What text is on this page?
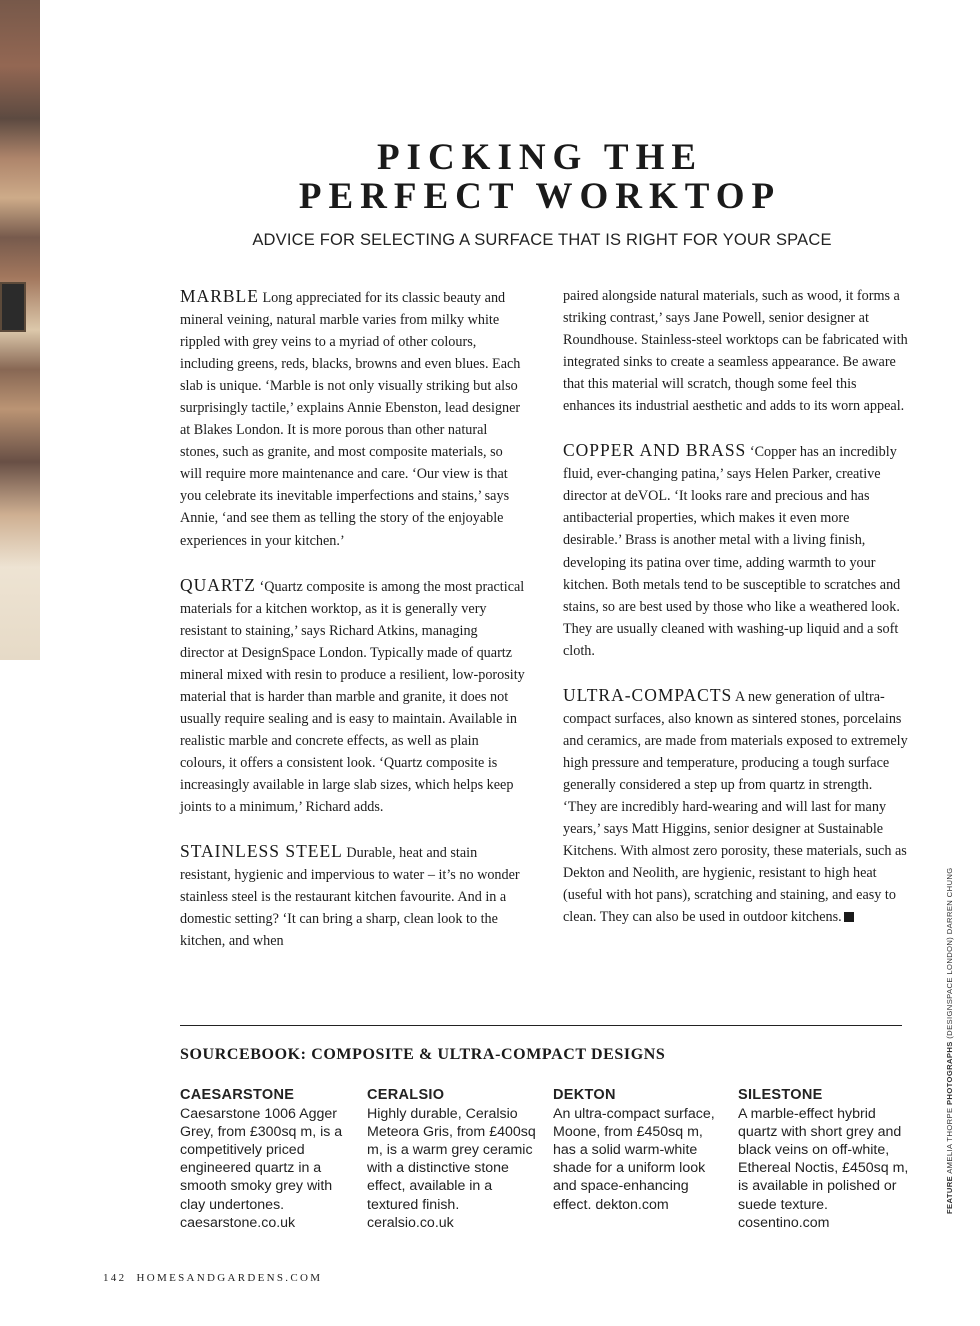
PICKING THE
PERFECT WORKTOP
ADVICE FOR SELECTING A SURFACE THAT IS RIGHT FOR YOUR SPACE

MARBLE Long appreciated for its classic beauty and mineral veining, natural marble varies from milky white rippled with grey veins to a myriad of other colours, including greens, reds, blacks, browns and even blues. Each slab is unique. ‘Marble is not only visually striking but also surprisingly tactile,’ explains Annie Ebenston, lead designer at Blakes London. It is more porous than other natural stones, such as granite, and most composite materials, so will require more maintenance and care. ‘Our view is that you celebrate its inevitable imperfections and stains,’ says Annie, ‘and see them as telling the story of the enjoyable experiences in your kitchen.’

QUARTZ ‘Quartz composite is among the most practical materials for a kitchen worktop, as it is generally very resistant to staining,’ says Richard Atkins, managing director at DesignSpace London. Typically made of quartz mineral mixed with resin to produce a resilient, low-porosity material that is harder than marble and granite, it does not usually require sealing and is easy to maintain. Available in realistic marble and concrete effects, as well as plain colours, it offers a consistent look. ‘Quartz composite is increasingly available in large slab sizes, which helps keep joints to a minimum,’ Richard adds.

STAINLESS STEEL Durable, heat and stain resistant, hygienic and impervious to water – it’s no wonder stainless steel is the restaurant kitchen favourite. And in a domestic setting? ‘It can bring a sharp, clean look to the kitchen, and when

paired alongside natural materials, such as wood, it forms a striking contrast,’ says Jane Powell, senior designer at Roundhouse. Stainless-steel worktops can be fabricated with integrated sinks to create a seamless appearance. Be aware that this material will scratch, though some feel this enhances its industrial aesthetic and adds to its worn appeal.

COPPER AND BRASS ‘Copper has an incredibly fluid, ever-changing patina,’ says Helen Parker, creative director at deVOL. ‘It looks rare and precious and has antibacterial properties, which makes it even more desirable.’ Brass is another metal with a living finish, developing its patina over time, adding warmth to your kitchen. Both metals tend to be susceptible to scratches and stains, so are best used by those who like a weathered look. They are usually cleaned with washing-up liquid and a soft cloth.

ULTRA-COMPACTS A new generation of ultra-compact surfaces, also known as sintered stones, porcelains and ceramics, are made from materials exposed to extremely high pressure and temperature, producing a tough surface generally considered a step up from quartz in strength. ‘They are incredibly hard-wearing and will last for many years,’ says Matt Higgins, senior designer at Sustainable Kitchens. With almost zero porosity, these materials, such as Dekton and Neolith, are hygienic, resistant to high heat (useful with hot pans), scratching and staining, and easy to clean. They can also be used in outdoor kitchens.

SOURCEBOOK: COMPOSITE & ULTRA-COMPACT DESIGNS
CAESARSTONE
Caesarstone 1006 Agger Grey, from £300sq m, is a competitively priced engineered quartz in a smooth smoky grey with clay undertones. caesarstone.co.uk
CERALSIO
Highly durable, Ceralsio Meteora Gris, from £400sq m, is a warm grey ceramic with a distinctive stone effect, available in a textured finish. ceralsio.co.uk
DEKTON
An ultra-compact surface, Moone, from £450sq m, has a solid warm-white shade for a uniform look and space-enhancing effect. dekton.com
SILESTONE
A marble-effect hybrid quartz with short grey and black veins on off-white, Ethereal Noctis, £450sq m, is available in polished or suede texture. cosentino.com
142 HOMESANDGARDENS.COM
FEATURE AMELIA THORPE PHOTOGRAPHS (DESIGNSPACE LONDON) DARREN CHUNG
